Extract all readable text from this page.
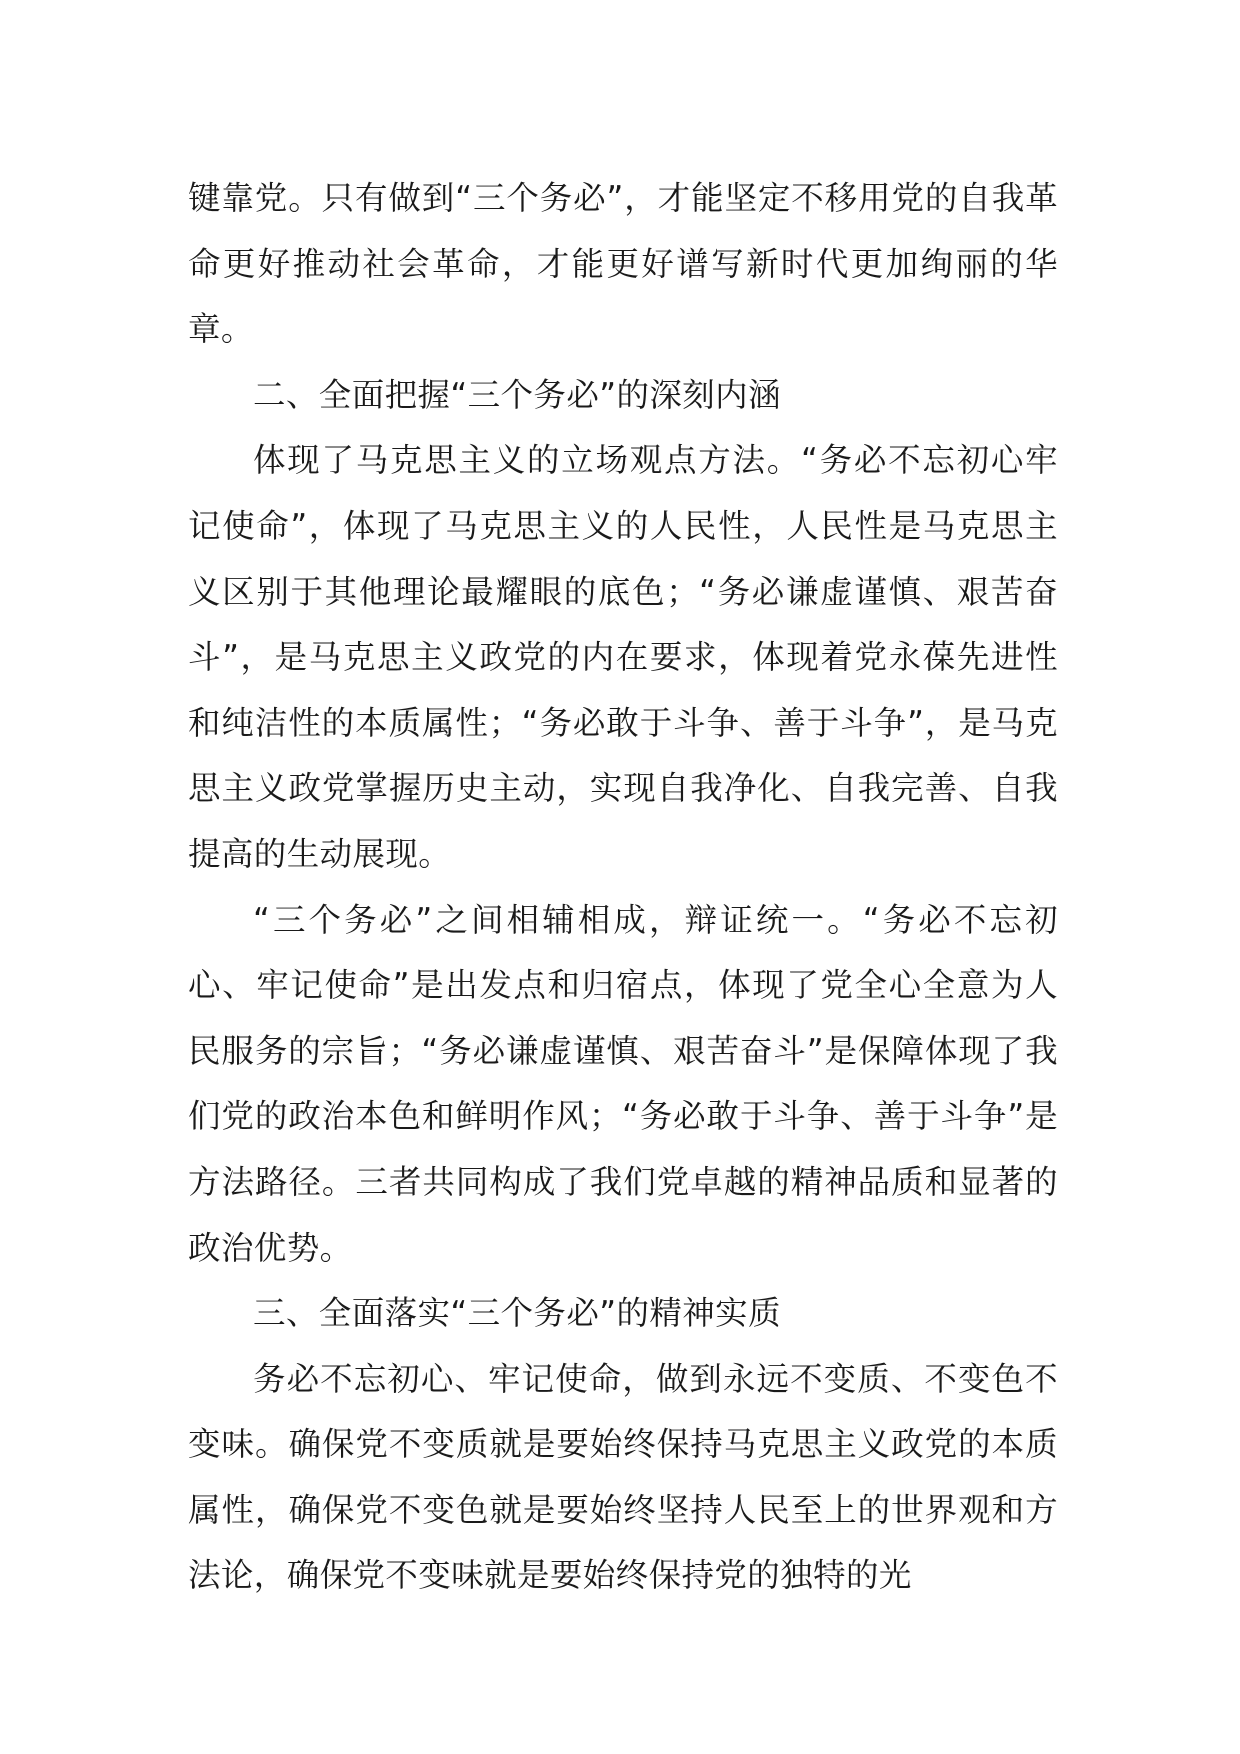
键靠党。只有做到“三个务必”，才能坚定不移用党的自我革命更好推动社会革命，才能更好谱写新时代更加绚丽的华章。

二、全面把握“三个务必”的深刻内涵

体现了马克思主义的立场观点方法。“务必不忘初心牢记使命”，体现了马克思主义的人民性，人民性是马克思主义区别于其他理论最耀眼的底色；“务必谦虚谨慎、艰苦奋斗”，是马克思主义政党的内在要求，体现着党永葆先进性和纯洁性的本质属性；“务必敢于斗争、善于斗争”，是马克思主义政党掌握历史主动，实现自我净化、自我完善、自我提高的生动展现。

“三个务必”之间相辅相成，辩证统一。“务必不忘初心、牢记使命”是出发点和归宿点，体现了党全心全意为人民服务的宗旨；“务必谦虚谨慎、艰苦奋斗”是保障体现了我们党的政治本色和鲜明作风；“务必敢于斗争、善于斗争”是方法路径。三者共同构成了我们党卓越的精神品质和显著的政治优势。

三、全面落实“三个务必”的精神实质

务必不忘初心、牢记使命，做到永远不变质、不变色不变味。确保党不变质就是要始终保持马克思主义政党的本质属性，确保党不变色就是要始终坚持人民至上的世界观和方法论，确保党不变味就是要始终保持党的独特的光
